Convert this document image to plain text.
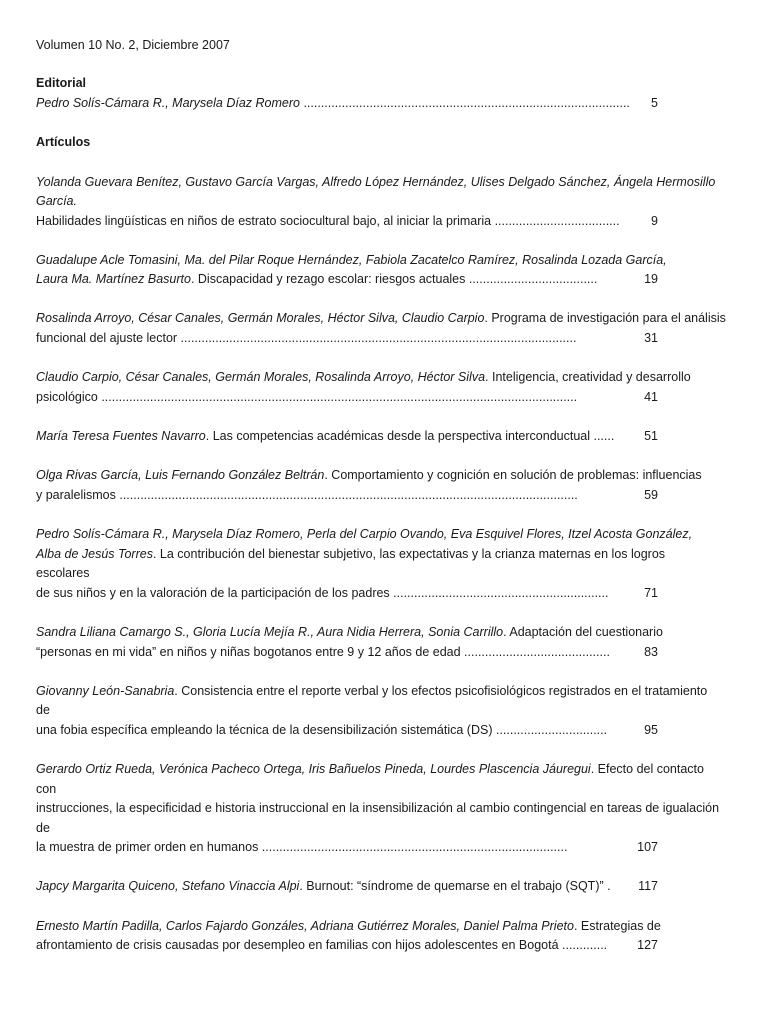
Volumen 10 No. 2, Diciembre 2007
Editorial
Pedro Solís-Cámara R., Marysela Díaz Romero ..............................................................................................	5
Artículos
Yolanda Guevara Benítez, Gustavo García Vargas, Alfredo López Hernández, Ulises Delgado Sánchez, Ángela Hermosillo
García.
Habilidades lingüísticas en niños de estrato sociocultural bajo, al iniciar la primaria ....................................	9
Guadalupe Acle Tomasini, Ma. del Pilar Roque Hernández, Fabiola Zacatelco Ramírez, Rosalinda Lozada García,
Laura Ma. Martínez Basurto. Discapacidad y rezago escolar: riesgos actuales .....................................	19
Rosalinda Arroyo, César Canales, Germán Morales, Héctor Silva, Claudio Carpio. Programa de investigación para el análisis
funcional del ajuste lector ..................................................................................................................	31
Claudio Carpio, César Canales, Germán Morales, Rosalinda Arroyo, Héctor Silva. Inteligencia, creatividad y desarrollo
psicológico .........................................................................................................................................	41
María Teresa Fuentes Navarro. Las competencias académicas desde la perspectiva interconductual ......	51
Olga Rivas García, Luis Fernando González Beltrán. Comportamiento y cognición en solución de problemas: influencias
y paralelismos ....................................................................................................................................	59
Pedro Solís-Cámara R., Marysela Díaz Romero, Perla del Carpio Ovando, Eva Esquivel Flores, Itzel Acosta González,
Alba de Jesús Torres. La contribución del bienestar subjetivo, las expectativas y la crianza maternas en los logros
escolares
de sus niños y en la valoración de la participación de los padres ..............................................................	71
Sandra Liliana Camargo S., Gloria Lucía Mejía R., Aura Nidia Herrera, Sonia Carrillo. Adaptación del cuestionario
“personas en mi vida” en niños y niñas bogotanos entre 9 y 12 años de edad ..........................................	83
Giovanny León-Sanabria. Consistencia entre el reporte verbal y los efectos psicofisiológicos registrados en el tratamiento
de
una fobia específica empleando la técnica de la desensibilización sistemática (DS) ................................	95
Gerardo Ortiz Rueda, Verónica Pacheco Ortega, Iris Bañuelos Pineda, Lourdes Plascencia Jáuregui. Efecto del contacto
con
instrucciones, la especificidad e historia instruccional en la insensibilización al cambio contingencial en tareas de igualación
de
la muestra de primer orden en humanos ........................................................................................	107
Japcy Margarita Quiceno, Stefano Vinaccia Alpi. Burnout: “síndrome de quemarse en el trabajo (SQT)” .	117
Ernesto Martín Padilla, Carlos Fajardo Gonzáles, Adriana Gutiérrez Morales, Daniel Palma Prieto. Estrategias de
afrontamiento de crisis causadas por desempleo en familias con hijos adolescentes en Bogotá .............	127
